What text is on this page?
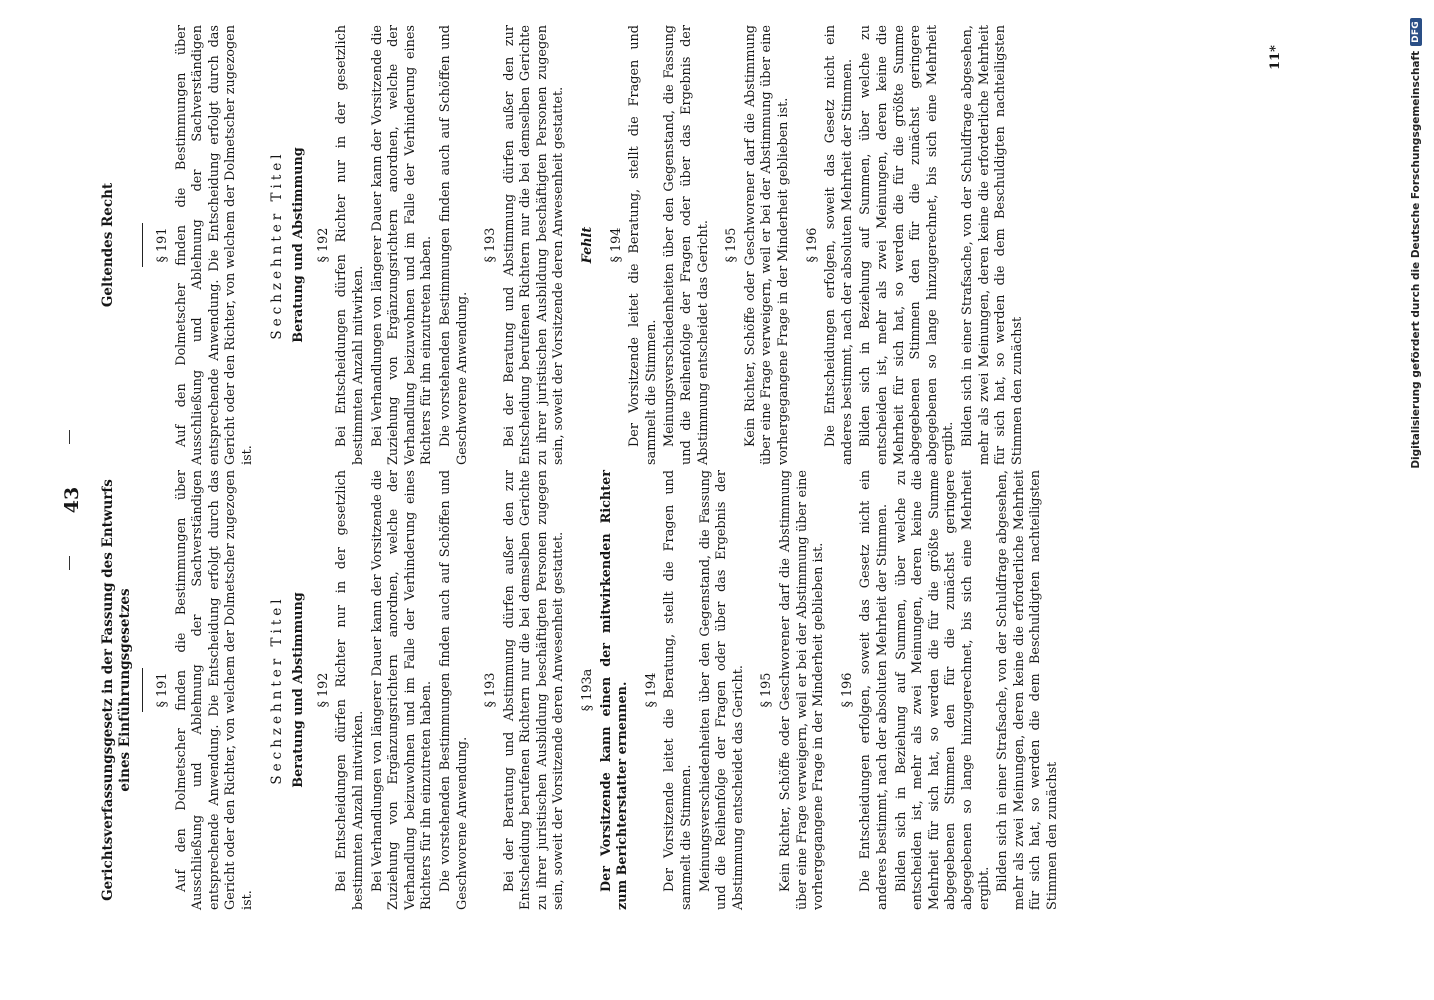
Digitalisierung gefördert durch die Deutsche Forschungsgemeinschaft
DFG
43 Gerichtsverfassungsgesetz in der Fassung des Entwurfs eines Einführungsgesetzes § 191 Auf den Dolmetscher finden die Bestimmungen über Ausschließung und Ablehnung der Sachverständigen entsprechende Anwendung. Die Entscheidung erfolgt durch das Gericht oder den Richter, von welchem der Dolmetscher zugezogen ist.

Sechzehnter Titel Beratung und Abstimmung § 192 Bei Entscheidungen dürfen Richter nur in der gesetzlich bestimmten Anzahl mitwirken. Bei Verhandlungen von längerer Dauer kann der Vorsitzende die Zuziehung von Ergänzungsrichtern anordnen, welche der Verhandlung beizuwohnen und im Falle der Verhinderung eines Richters für ihn einzutreten haben. Die vorstehenden Bestimmungen finden auch auf Schöffen und Geschworene Anwendung.

§ 193 Bei der Beratung und Abstimmung dürfen außer den zur Entscheidung berufenen Richtern nur die bei demselben Gerichte zu ihrer juristischen Ausbildung beschäftigten Personen zugegen sein, soweit der Vorsitzende deren Anwesenheit gestattet. § 193a Der Vorsitzende kann einen der mitwirkenden Richter zum Berichterstatter ernennen. § 194 Der Vorsitzende leitet die Beratung, stellt die Fragen und sammelt die Stimmen. Meinungsverschiedenheiten über den Gegenstand, die Fassung und die Reihenfolge der Fragen oder über das Ergebnis der Abstimmung entscheidet das Gericht. § 195 Kein Richter, Schöffe oder Geschworener darf die Abstimmung über eine Frage verweigern, weil er bei der Abstimmung über eine vorhergegangene Frage in der Minderheit geblieben ist. § 196 Die Entscheidungen erfolgen, soweit das Gesetz nicht ein anderes bestimmt, nach der absoluten Mehrheit der Stimmen. Bilden sich in Beziehung auf Summen, über welche zu entscheiden ist, mehr als zwei Meinungen, deren keine die Mehrheit für sich hat, so werden die für die größte Summe abgegebenen Stimmen den für die zunächst geringere abgegebenen so lange hinzugerechnet, bis sich eine Mehrheit ergibt. Bilden sich in einer Strafsache, von der Schuldfrage abgesehen, mehr als zwei Meinungen, deren keine die erforderliche Mehrheit für sich hat, so werden die dem Beschuldigten nachteiligsten Stimmen den zunächst

Geltendes Recht	§ 191 Auf den Dolmetscher finden die Bestimmungen über Ausschließung und Ablehnung der Sachverständigen entsprechende Anwendung. Die Entscheidung erfolgt durch das Gericht oder den Richter, von welchem der Dolmetscher zugezogen ist.

Sechzehnter Titel Beratung und Abstimmung § 192 Bei Entscheidungen dürfen Richter nur in der gesetzlich bestimmten Anzahl mitwirken. Bei Verhandlungen von längerer Dauer kann der Vorsitzende die Zuziehung von Ergänzungsrichtern anordnen, welche der Verhandlung beizuwohnen und im Falle der Verhinderung eines Richters für ihn einzutreten haben. Die vorstehenden Bestimmungen finden auch auf Schöffen und Geschworene Anwendung.

§ 193 Bei der Beratung und Abstimmung dürfen außer den zur Entscheidung berufenen Richtern nur die bei demselben Gerichte zu ihrer juristischen Ausbildung beschäftigten Personen zugegen sein, soweit der Vorsitzende deren Anwesenheit gestattet. Fehlt § 194 Der Vorsitzende leitet die Beratung, stellt die Fragen und sammelt die Stimmen. Meinungsverschiedenheiten über den Gegenstand, die Fassung und die Reihenfolge der Fragen oder über das Ergebnis der Abstimmung entscheidet das Gericht. § 195 Kein Richter, Schöffe oder Geschworener darf die Abstimmung über eine Frage verweigern, weil er bei der Abstimmung über eine vorhergegangene Frage in der Minderheit geblieben ist. § 196 Die Entscheidungen erfolgen, soweit das Gesetz nicht ein anderes bestimmt, nach der absoluten Mehrheit der Stimmen. Bilden sich in Beziehung auf Summen, über welche zu entscheiden ist, mehr als zwei Meinungen, deren keine die Mehrheit für sich hat, so werden die für die größte Summe abgegebenen Stimmen den für die zunächst geringere abgegebenen so lange hinzugerechnet, bis sich eine Mehrheit ergibt. Bilden sich in einer Strafsache, von der Schuldfrage abgesehen, mehr als zwei Meinungen, deren keine die erforderliche Mehrheit für sich hat, so werden die dem Beschuldigten nachteiligsten Stimmen den zunächst

11*
